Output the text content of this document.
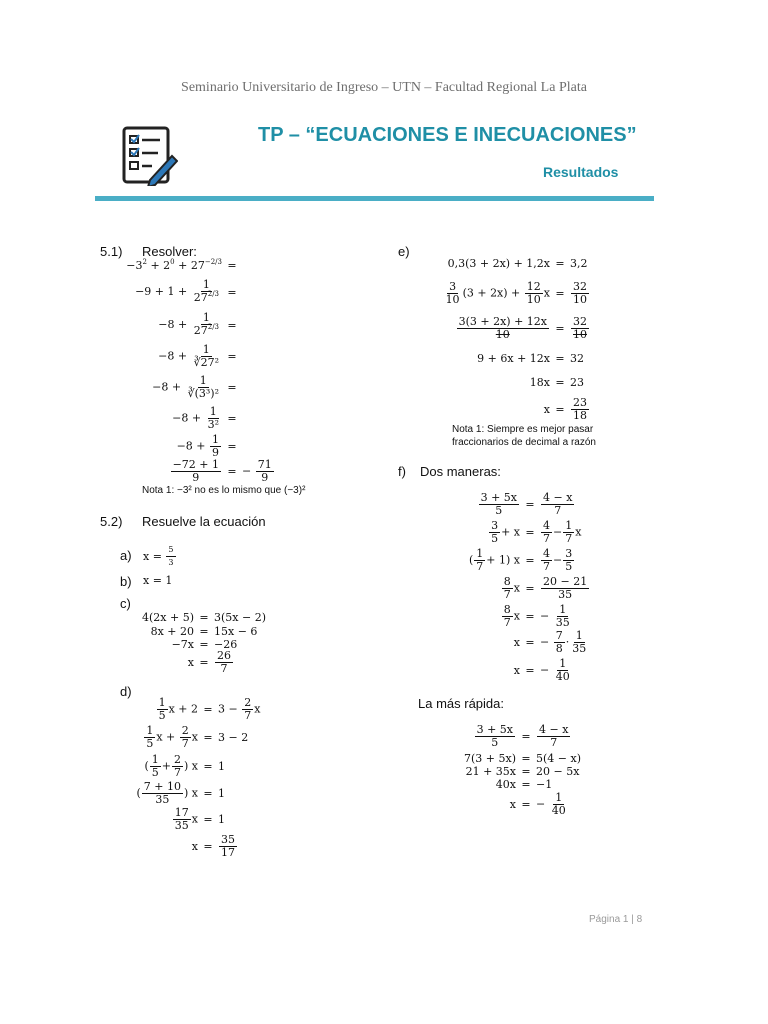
Seminario Universitario de Ingreso – UTN – Facultad Regional La Plata
TP – “ECUACIONES E INECUACIONES”
Resultados
5.1) Resolver:
$-3^2 + 2^0 + 27^{-2/3}$ =
$-9 + 1 + \frac{1}{27^{2/3}}$ =
$-8 + \frac{1}{27^{2/3}}$ =
$-8 + \frac{1}{\text{∛27²}}$ =
$-8 + \frac{1}{\text{∛(3³)²}}$ =
$-8 + \frac{1}{\text{3²}}$ =
$-8 + \frac{1}{9}$ =
$\frac{-72 + 1}{9}$ = − $\frac{71}{9}$
Nota 1: −3² no es lo mismo que (−3)²
5.2) Resuelve la ecuación
a) x =
$\frac{5}{3}$
b) x = 1
c)
4(2x + 5) = 3(5x − 2)
8x + 20 = 15x − 6
−7x = −26
$x = \frac{26}{7}$
d)
$\frac{1}{5}$ $x + 2 = 3 - \frac{2}{7}$ x
$\frac{1}{5}$ $x + \frac{2}{7}$ x = 3 − 2
( $\frac{1}{5} + \frac{2}{7}$ ) x = 1
( $\frac{7 + 10}{35}$ ) x = 1
$\frac{17}{35}$ x = 1
$x = \frac{35}{17}$
e)
0,3(3 + 2x) + 1,2x = 3,2
$\frac{3}{10} (3 + 2x) + \frac{12}{10}$ $x = \frac{32}{10}$
$\frac{3(3 + 2x) + 12x}{10} = \frac{32}{10}$
9 + 6x + 12x = 32
18x = 23
$x = \frac{23}{18}$
Nota 1: Siempre es mejor pasar
fraccionarios de decimal a razón
f) Dos maneras:
$\frac{3 + 5x}{5} = \frac{4 - x}{7}$
$\frac{3}{5} + x = \frac{4}{7} - \frac{1}{7}$ x
( $\frac{1}{7} + 1$) $x = \frac{4}{7} - \frac{3}{5}$
$\frac{8}{7}$ $x = \frac{20 - 21}{35}$
$\frac{8}{7}$ x = − $\frac{1}{35}$
x = − $\frac{7}{8} \cdot \frac{1}{35}$
x = − $\frac{1}{40}$
La más rápida:
$\frac{3 + 5x}{5} = \frac{4 - x}{7}$
7(3 + 5x) = 5(4 − x)
21 + 35x = 20 − 5x
40x = −1
x = − $\frac{1}{40}$
Página 1 | 8
